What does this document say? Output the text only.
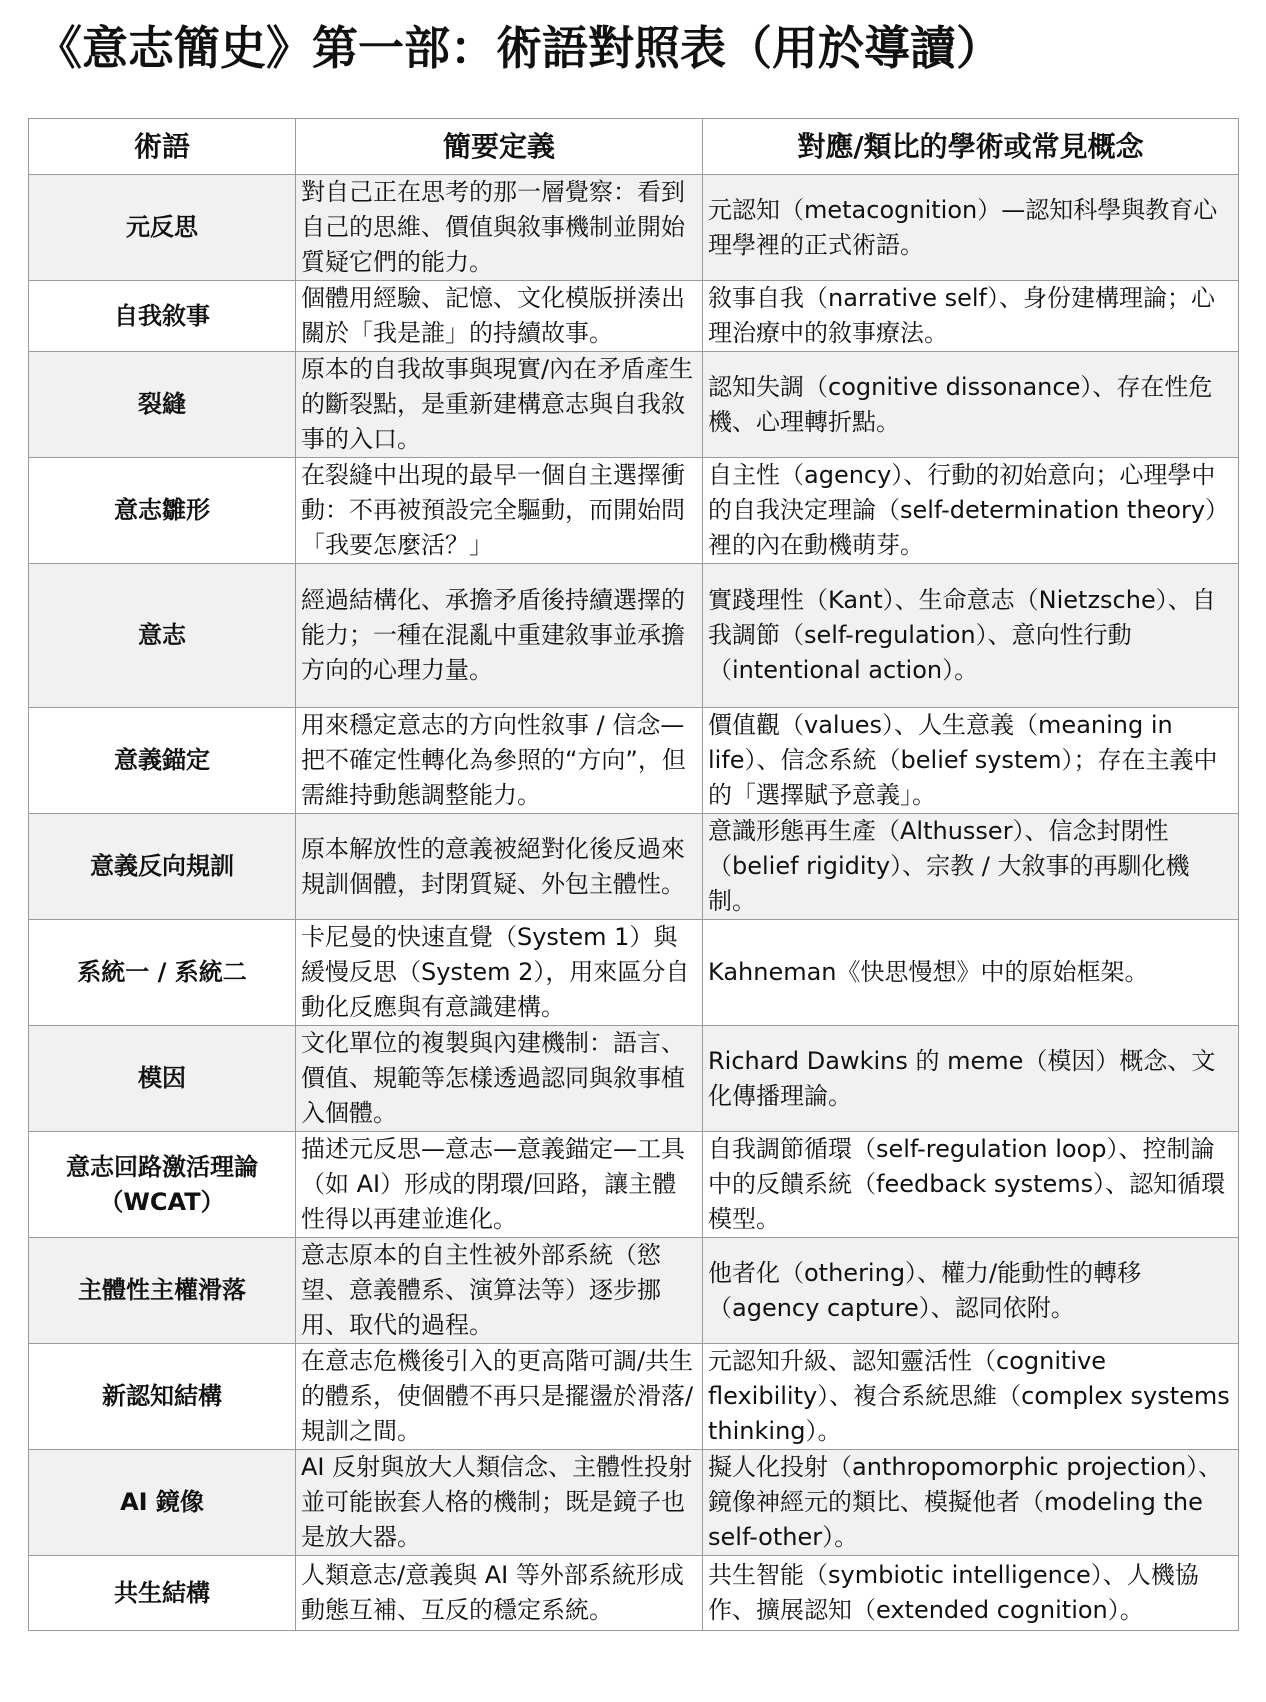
《意志簡史》第一部：術語對照表（用於導讀）
術語	簡要定義	對應/類比的學術或常見概念
元反思	對自己正在思考的那一層覺察：看到自己的思維、價值與敘事機制並開始質疑它們的能力。	元認知（metacognition）—認知科學與教育心理學裡的正式術語。
自我敘事	個體用經驗、記憶、文化模版拼湊出關於「我是誰」的持續故事。	敘事自我（narrative self）、身份建構理論；心理治療中的敘事療法。
裂縫	原本的自我故事與現實/內在矛盾產生的斷裂點，是重新建構意志與自我敘事的入口。	認知失調（cognitive dissonance）、存在性危機、心理轉折點。
意志雛形	在裂縫中出現的最早一個自主選擇衝動：不再被預設完全驅動，而開始問「我要怎麼活？」	自主性（agency）、行動的初始意向；心理學中的自我決定理論（self-determination theory）裡的內在動機萌芽。
意志	經過結構化、承擔矛盾後持續選擇的能力；一種在混亂中重建敘事並承擔方向的心理力量。	實踐理性（Kant）、生命意志（Nietzsche）、自我調節（self-regulation）、意向性行動（intentional action）。
意義錨定	用來穩定意志的方向性敘事 / 信念—把不確定性轉化為參照的“方向”，但需維持動態調整能力。	價值觀（values）、人生意義（meaning in life）、信念系統（belief system）；存在主義中的「選擇賦予意義」。
意義反向規訓	原本解放性的意義被絕對化後反過來規訓個體，封閉質疑、外包主體性。	意識形態再生產（Althusser）、信念封閉性（belief rigidity）、宗教 / 大敘事的再馴化機制。
系統一 / 系統二	卡尼曼的快速直覺（System 1）與緩慢反思（System 2），用來區分自動化反應與有意識建構。	Kahneman《快思慢想》中的原始框架。
模因	文化單位的複製與內建機制：語言、價值、規範等怎樣透過認同與敘事植入個體。	Richard Dawkins 的 meme（模因）概念、文化傳播理論。
意志回路激活理論（WCAT）	描述元反思—意志—意義錨定—工具（如 AI）形成的閉環/回路，讓主體性得以再建並進化。	自我調節循環（self-regulation loop）、控制論中的反饋系統（feedback systems）、認知循環模型。
主體性主權滑落	意志原本的自主性被外部系統（慾望、意義體系、演算法等）逐步挪用、取代的過程。	他者化（othering）、權力/能動性的轉移（agency capture）、認同依附。
新認知結構	在意志危機後引入的更高階可調/共生的體系，使個體不再只是擺盪於滑落/規訓之間。	元認知升級、認知靈活性（cognitive flexibility）、複合系統思維（complex systems thinking）。
AI 鏡像	AI 反射與放大人類信念、主體性投射並可能嵌套人格的機制；既是鏡子也是放大器。	擬人化投射（anthropomorphic projection）、鏡像神經元的類比、模擬他者（modeling the self-other）。
共生結構	人類意志/意義與 AI 等外部系統形成動態互補、互反的穩定系統。	共生智能（symbiotic intelligence）、人機協作、擴展認知（extended cognition）。
